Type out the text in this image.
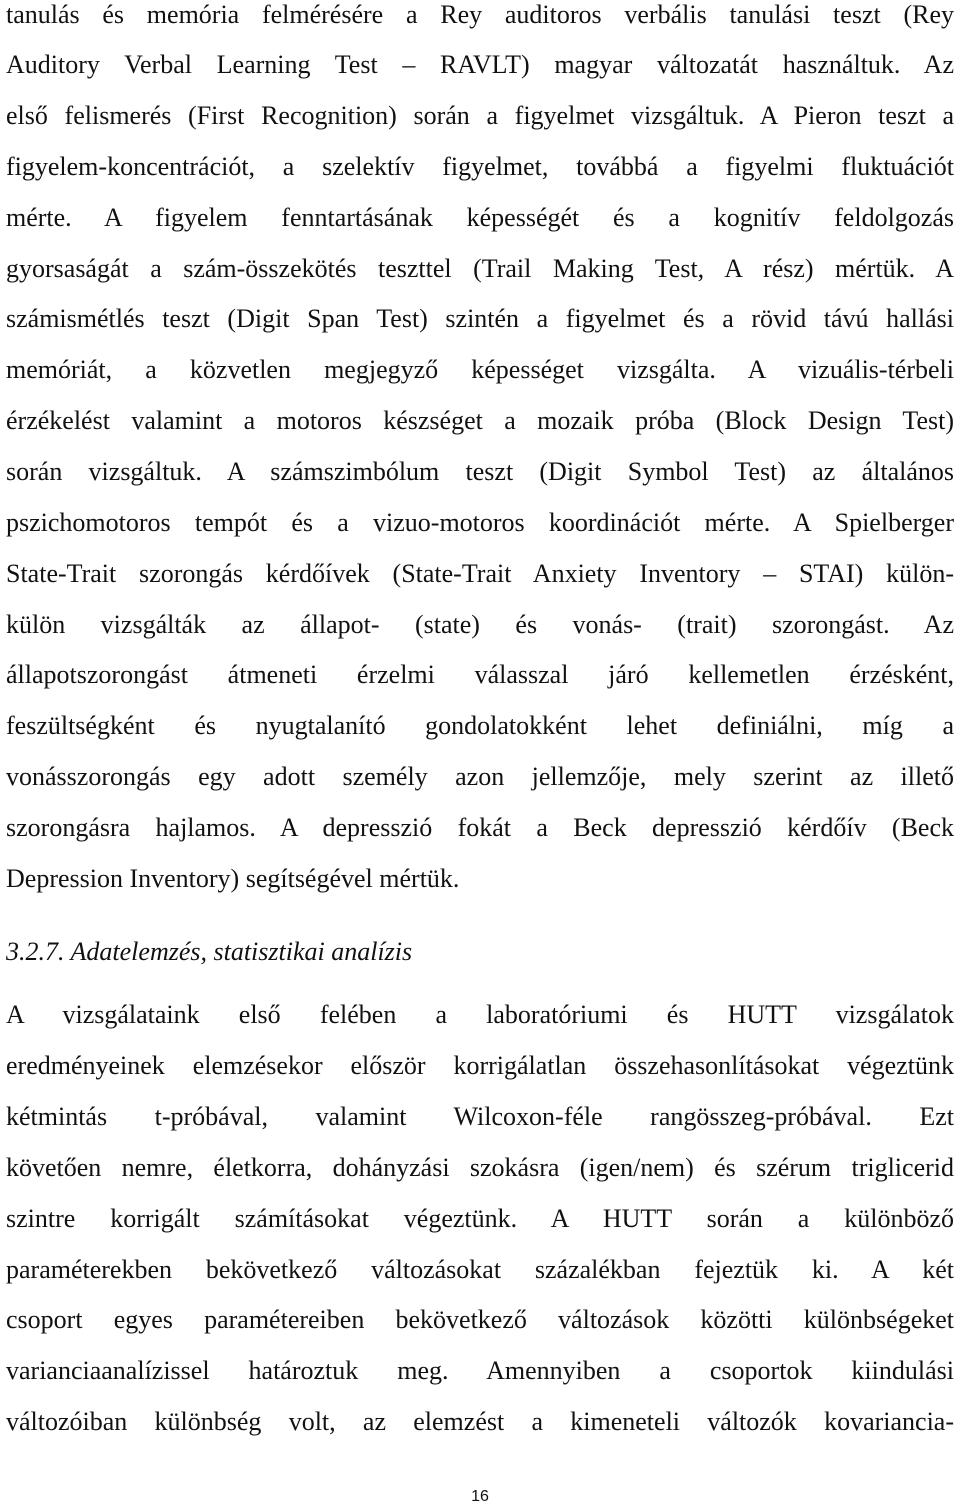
tanulás és memória felmérésére a Rey auditoros verbális tanulási teszt (Rey
Auditory Verbal Learning Test – RAVLT) magyar változatát használtuk. Az
első felismerés (First Recognition) során a figyelmet vizsgáltuk. A Pieron teszt a
figyelem-koncentrációt, a szelektív figyelmet, továbbá a figyelmi fluktuációt
mérte. A figyelem fenntartásának képességét és a kognitív feldolgozás
gyorsaságát a szám-összekötés teszttel (Trail Making Test, A rész) mértük. A
számismétlés teszt (Digit Span Test) szintén a figyelmet és a rövid távú hallási
memóriát, a közvetlen megjegyző képességet vizsgálta. A vizuális-térbeli
érzékelést valamint a motoros készséget a mozaik próba (Block Design Test)
során vizsgáltuk. A számszimbólum teszt (Digit Symbol Test) az általános
pszichomotoros tempót és a vizuo-motoros koordinációt mérte. A Spielberger
State-Trait szorongás kérdőívek (State-Trait Anxiety Inventory – STAI) külön-
külön vizsgálták az állapot- (state) és vonás- (trait) szorongást. Az
állapotszorongást átmeneti érzelmi válasszal járó kellemetlen érzésként,
feszültségként és nyugtalanító gondolatokként lehet definiálni, míg a
vonásszorongás egy adott személy azon jellemzője, mely szerint az illető
szorongásra hajlamos. A depresszió fokát a Beck depresszió kérdőív (Beck
Depression Inventory) segítségével mértük.
3.2.7. Adatelemzés, statisztikai analízis
A vizsgálataink első felében a laboratóriumi és HUTT vizsgálatok
eredményeinek elemzésekor először korrigálatlan összehasonlításokat végeztünk
kétmintás t-próbával, valamint Wilcoxon-féle rangösszeg-próbával. Ezt
követően nemre, életkorra, dohányzási szokásra (igen/nem) és szérum triglicerid
szintre korrigált számításokat végeztünk. A HUTT során a különböző
paraméterekben bekövetkező változásokat százalékban fejeztük ki. A két
csoport egyes paramétereiben bekövetkező változások közötti különbségeket
varianciaanalízissel határoztuk meg. Amennyiben a csoportok kiindulási
változóiban különbség volt, az elemzést a kimeneteli változók kovariancia-
16
